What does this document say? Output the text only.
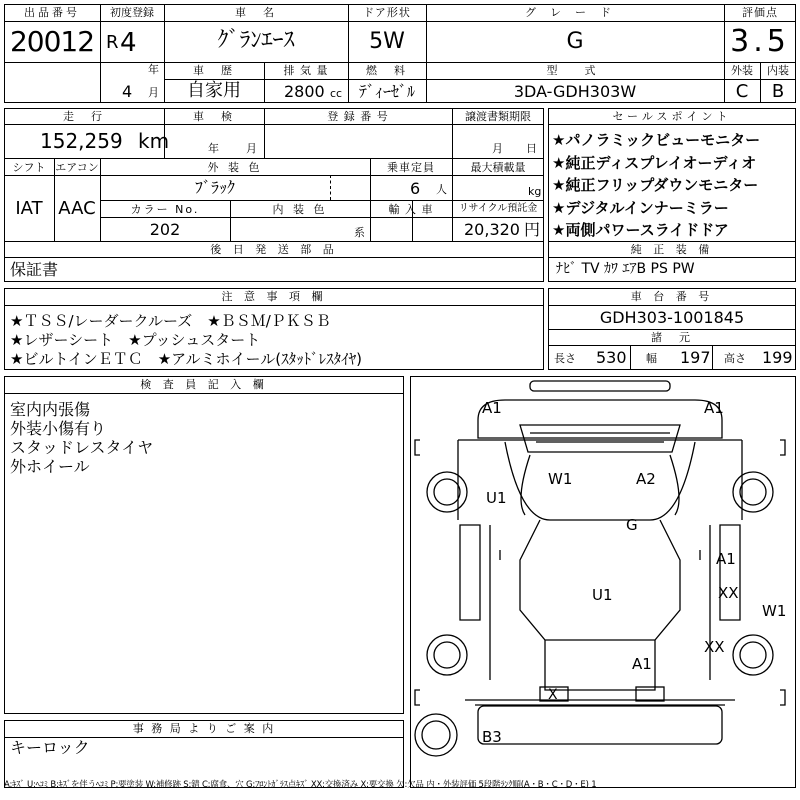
出品番号
20012
初度登録
R 4
年
4 月
車　名
ｸﾞﾗﾝｴｰｽ
ドア形状
5W
グレード
G
評価点
3.5
車　歴
自家用
排 気 量
2800 cc
燃　料
ﾃﾞｨｰｾﾞﾙ
型　式
3DA-GDH303W
外装	内装
C	B
走　行
152,259 km
車　検
年 月
登 録 番 号	譲渡書類期限
月 日
シフト エアコン
IAT AAC
外 装 色
ﾌﾞﾗｯｸ
乗車定員
6 人
最大積載量
kg
カラー No.
202
内 装 色
系
輸 入 車	リサイクル預託金
20,320 円
後 日 発 送 部 品
保証書
セールスポイント
★パノラミックビューモニター
★純正ディスプレイオーディオ
★純正フリップダウンモニター
★デジタルインナーミラー
★両側パワースライドドア
純 正 装 備
ﾅﾋﾞ TV ｶﾜ ｴｱB PS PW
注 意 事 項 欄
★ＴＳＳ/レーダークルーズ　★ＢＳＭ/ＰＫＳＢ
★レザーシート　★プッシュスタート
★ビルトインＥＴＣ　★アルミホイール(ｽﾀｯﾄﾞﾚｽﾀｲﾔ)
車 台 番 号
GDH303-1001845
諸　元
長さ 530 幅 197 高さ 199
検 査 員 記 入 欄
室内内張傷
外装小傷有り
スタッドレスタイヤ
外ホイール
事 務 局 よ り ご 案 内
キーロック
A1	A1
U1
W1	A2
G
A1
U1	XX
W1
XX
A1
X
B3
A:ｷｽﾞ U:ﾍｺﾐ B:ｷｽﾞを伴うﾍｺﾐ P:要塗装 W:補修跡 S:錆 C:腐食、穴 G:ﾌﾛﾝﾄｶﾞﾗｽ点ｷｽﾞ XX:交換済み X:要交換 欠:欠品 内・外装評価 5段階ﾗﾝｸ順(A・B・C・D・E) 1
